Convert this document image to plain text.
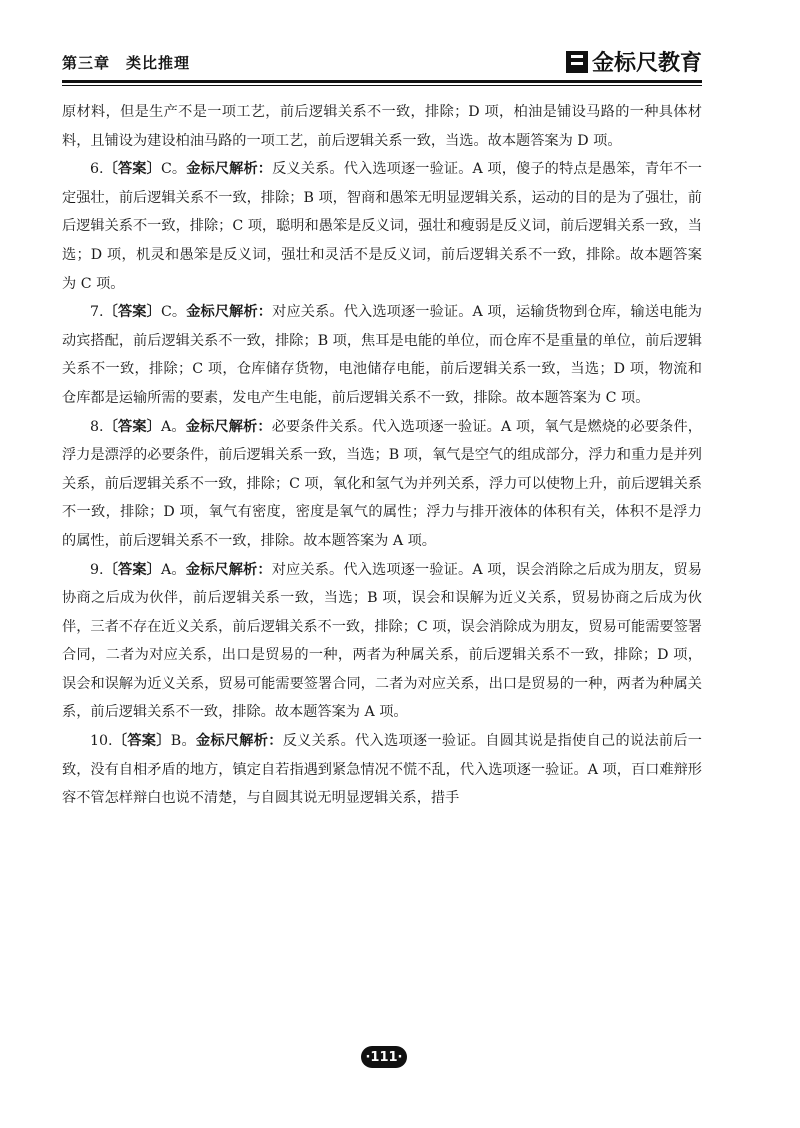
第三章　类比推理	金标尺教育

原材料，但是生产不是一项工艺，前后逻辑关系不一致，排除；D 项，柏油是铺设马路的一种具体材料，且铺设为建设柏油马路的一项工艺，前后逻辑关系一致，当选。故本题答案为 D 项。

6.〔答案〕C。金标尺解析：反义关系。代入选项逐一验证。A 项，傻子的特点是愚笨，青年不一定强壮，前后逻辑关系不一致，排除；B 项，智商和愚笨无明显逻辑关系，运动的目的是为了强壮，前后逻辑关系不一致，排除；C 项，聪明和愚笨是反义词，强壮和瘦弱是反义词，前后逻辑关系一致，当选；D 项，机灵和愚笨是反义词，强壮和灵活不是反义词，前后逻辑关系不一致，排除。故本题答案为 C 项。

7.〔答案〕C。金标尺解析：对应关系。代入选项逐一验证。A 项，运输货物到仓库，输送电能为动宾搭配，前后逻辑关系不一致，排除；B 项，焦耳是电能的单位，而仓库不是重量的单位，前后逻辑关系不一致，排除；C 项，仓库储存货物，电池储存电能，前后逻辑关系一致，当选；D 项，物流和仓库都是运输所需的要素，发电产生电能，前后逻辑关系不一致，排除。故本题答案为 C 项。

8.〔答案〕A。金标尺解析：必要条件关系。代入选项逐一验证。A 项，氧气是燃烧的必要条件，浮力是漂浮的必要条件，前后逻辑关系一致，当选；B 项，氧气是空气的组成部分，浮力和重力是并列关系，前后逻辑关系不一致，排除；C 项，氧化和氢气为并列关系，浮力可以使物上升，前后逻辑关系不一致，排除；D 项，氧气有密度，密度是氧气的属性；浮力与排开液体的体积有关，体积不是浮力的属性，前后逻辑关系不一致，排除。故本题答案为 A 项。

9.〔答案〕A。金标尺解析：对应关系。代入选项逐一验证。A 项，误会消除之后成为朋友，贸易协商之后成为伙伴，前后逻辑关系一致，当选；B 项，误会和误解为近义关系，贸易协商之后成为伙伴，三者不存在近义关系，前后逻辑关系不一致，排除；C 项，误会消除成为朋友，贸易可能需要签署合同，二者为对应关系，出口是贸易的一种，两者为种属关系，前后逻辑关系不一致，排除；D 项，误会和误解为近义关系，贸易可能需要签署合同，二者为对应关系，出口是贸易的一种，两者为种属关系，前后逻辑关系不一致，排除。故本题答案为 A 项。

10.〔答案〕B。金标尺解析：反义关系。代入选项逐一验证。自圆其说是指使自己的说法前后一致，没有自相矛盾的地方，镇定自若指遇到紧急情况不慌不乱，代入选项逐一验证。A 项，百口难辩形容不管怎样辩白也说不清楚，与自圆其说无明显逻辑关系，措手

·111·
